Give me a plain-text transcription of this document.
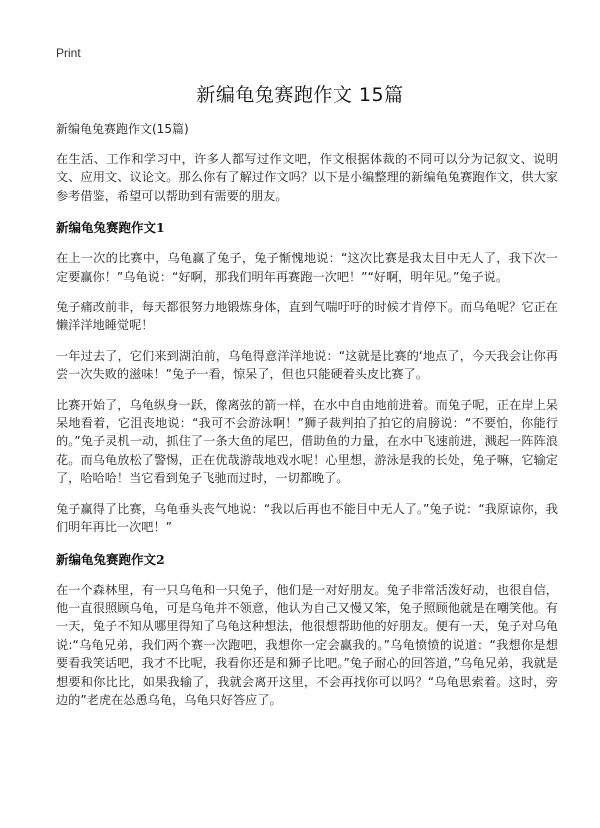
Print
新编龟兔赛跑作文 15篇

新编龟兔赛跑作文(15篇)

在生活、工作和学习中，许多人都写过作文吧，作文根据体裁的不同可以分为记叙文、说明文、应用文、议论文。那么你有了解过作文吗？以下是小编整理的新编龟兔赛跑作文，供大家参考借鉴，希望可以帮助到有需要的朋友。

新编龟兔赛跑作文1

在上一次的比赛中，乌龟赢了兔子，兔子惭愧地说：“这次比赛是我太目中无人了，我下次一定要赢你！”乌龟说：“好啊，那我们明年再赛跑一次吧！”“好啊，明年见。”兔子说。

兔子痛改前非，每天都很努力地锻炼身体，直到气喘吁吁的时候才肯停下。而乌龟呢？它正在懒洋洋地睡觉呢！

一年过去了，它们来到湖泊前，乌龟得意洋洋地说：“这就是比赛的‘地点了，今天我会让你再尝一次失败的滋味！”兔子一看，惊呆了，但也只能硬着头皮比赛了。

比赛开始了，乌龟纵身一跃，像离弦的箭一样，在水中自由地前进着。而兔子呢，正在岸上呆呆地看着，它沮丧地说：“我可不会游泳啊！”狮子裁判拍了拍它的肩膀说：“不要怕，你能行的。”兔子灵机一动，抓住了一条大鱼的尾巴，借助鱼的力量，在水中飞速前进，溅起一阵阵浪花。而乌龟放松了警惕，正在优哉游哉地戏水呢！心里想，游泳是我的长处，兔子嘛，它输定了，哈哈哈！当它看到兔子飞驰而过时，一切都晚了。

兔子赢得了比赛，乌龟垂头丧气地说：“我以后再也不能目中无人了。”兔子说：“我原谅你，我们明年再比一次吧！”

新编龟兔赛跑作文2

在一个森林里，有一只乌龟和一只兔子，他们是一对好朋友。兔子非常活泼好动，也很自信，他一直很照顾乌龟，可是乌龟并不领意，他认为自己又慢又笨，兔子照顾他就是在嘲笑他。有一天，兔子不知从哪里得知了乌龟这种想法，他很想帮助他的好朋友。便有一天，兔子对乌龟说:“乌龟兄弟，我们两个赛一次跑吧，我想你一定会赢我的。”乌龟愤愤的说道：“我想你是想要看我笑话吧，我才不比呢，我看你还是和狮子比吧。”兔子耐心的回答道，”乌龟兄弟，我就是想要和你比比，如果我输了，我就会离开这里，不会再找你可以吗？“乌龟思索着。这时，旁边的”老虎在怂恿乌龟，乌龟只好答应了。
